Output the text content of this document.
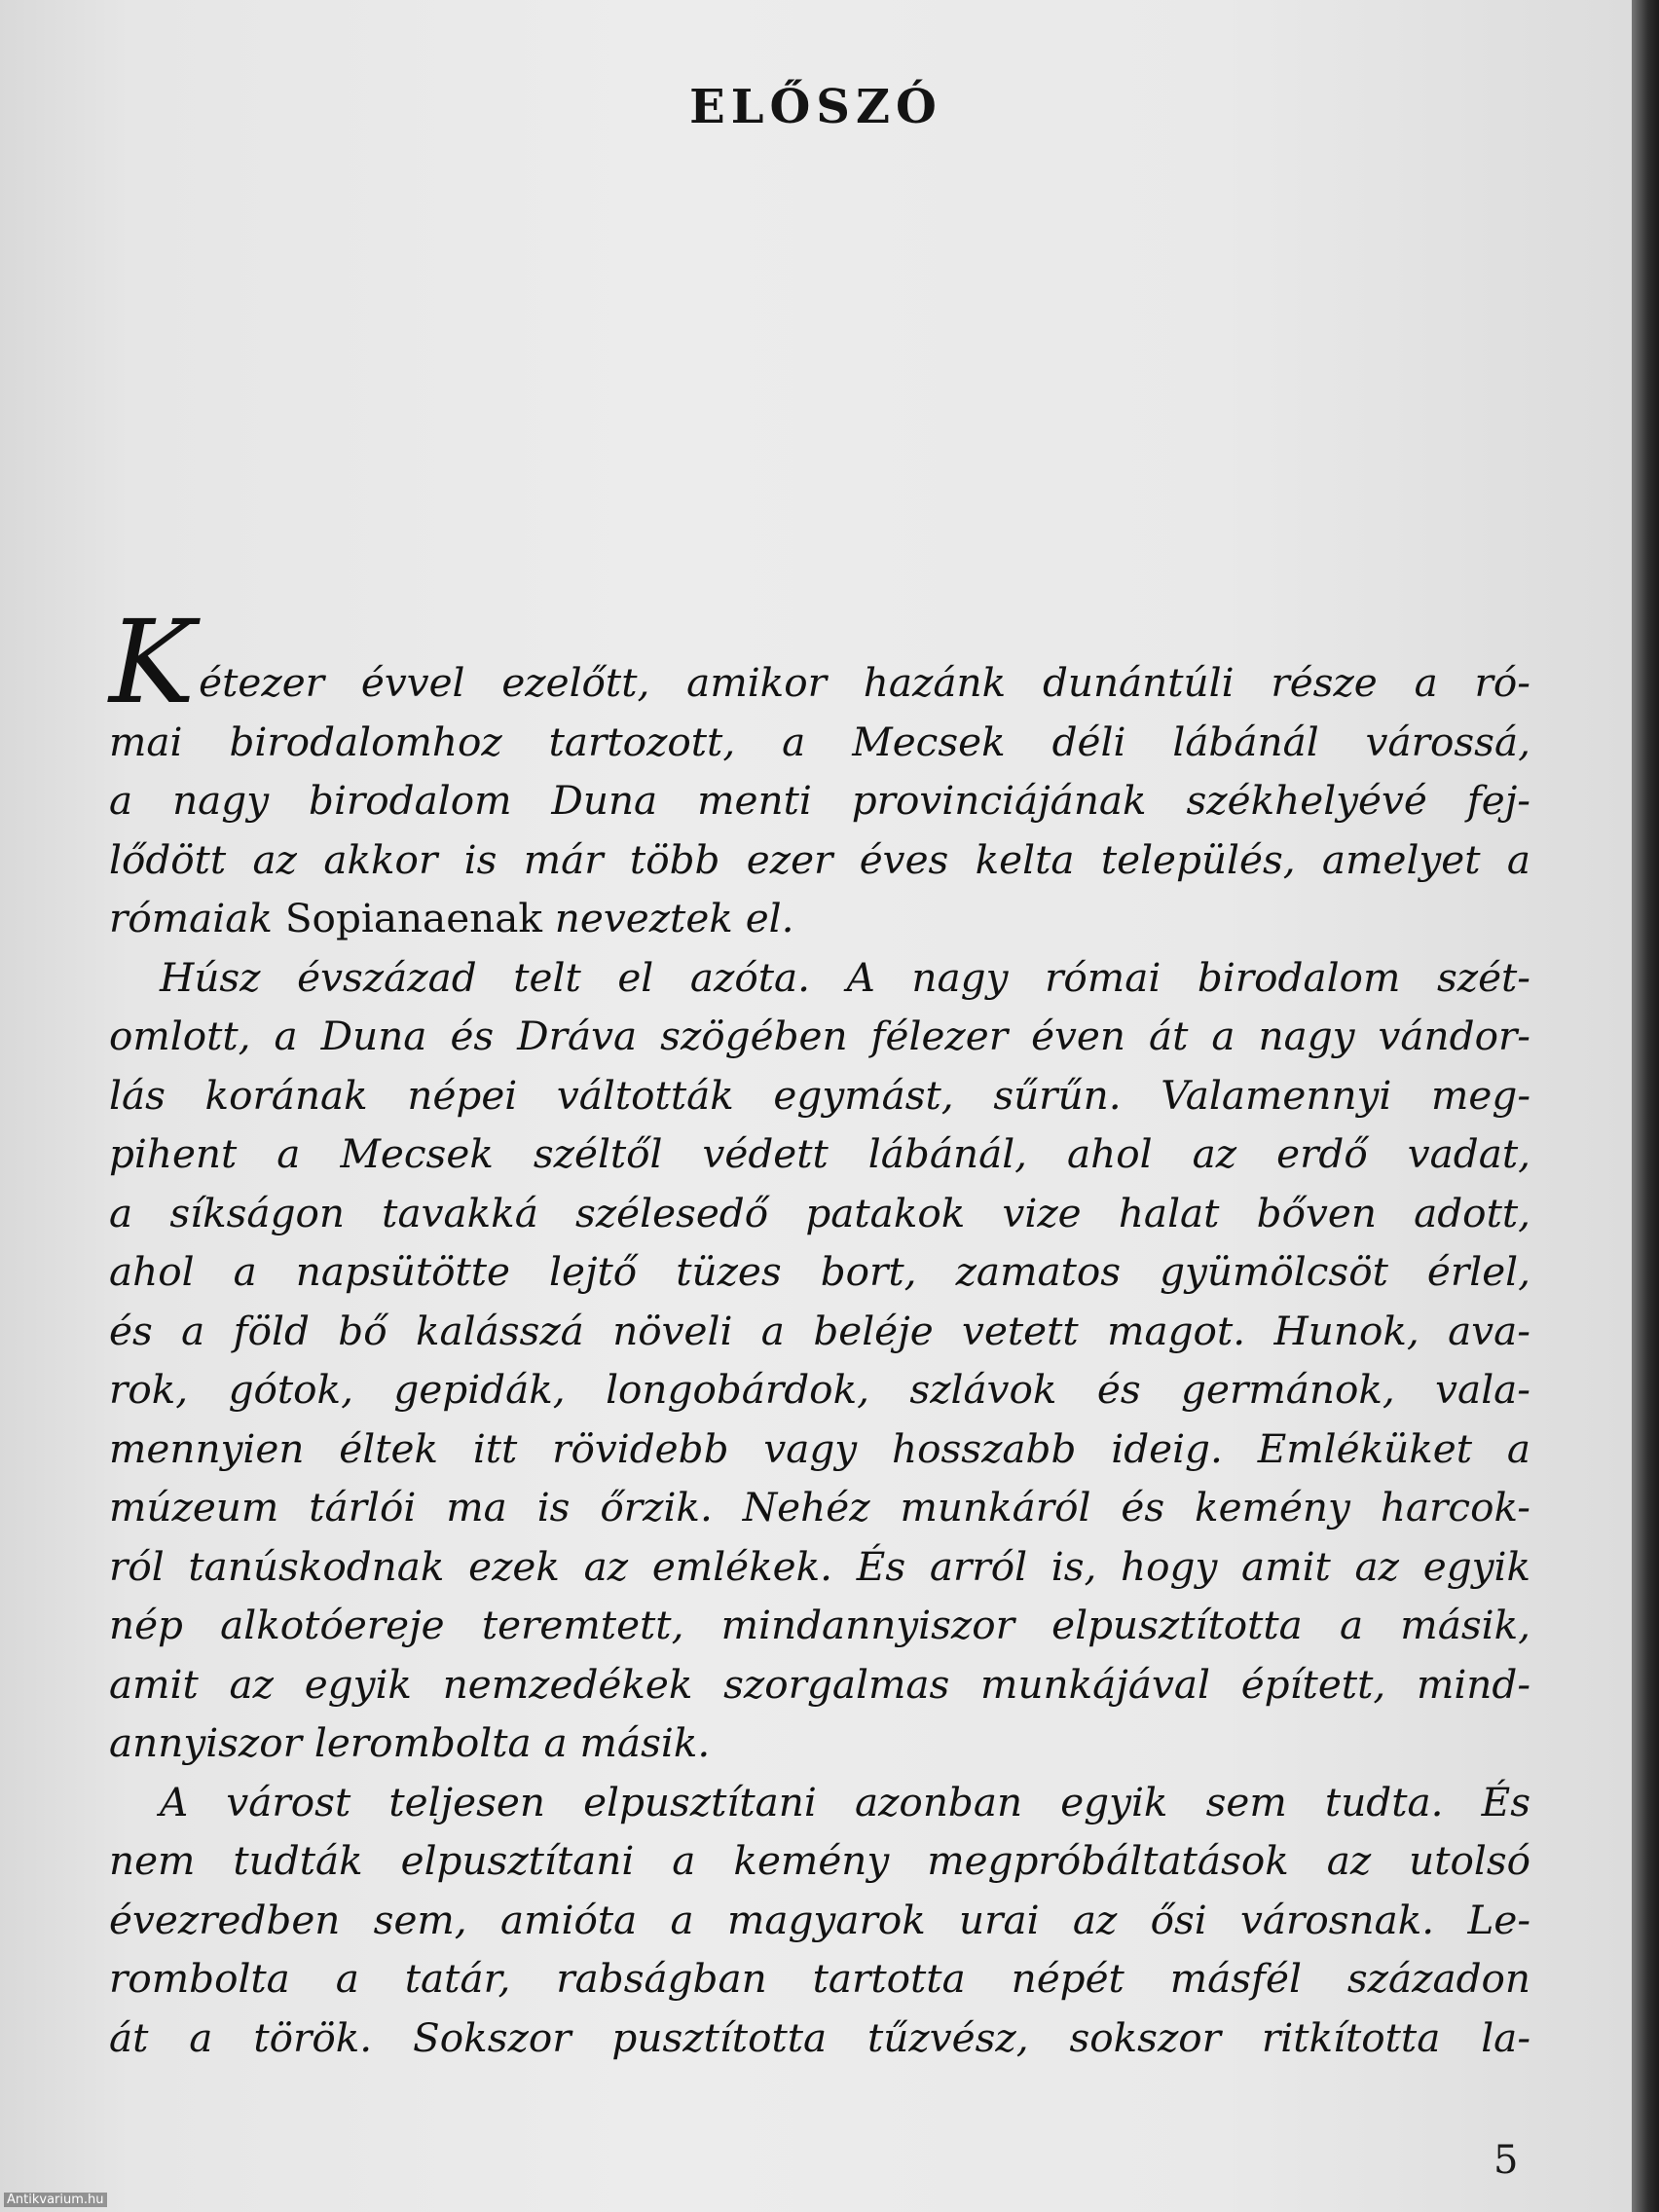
ELŐSZÓ
Kétezer évvel ezelőtt, amikor hazánk dunántúli része a ró-
mai birodalomhoz tartozott, a Mecsek déli lábánál várossá,
a nagy birodalom Duna menti provinciájának székhelyévé fej-
lődött az akkor is már több ezer éves kelta település, amelyet a
rómaiak Sopianaenak neveztek el.
Húsz évszázad telt el azóta. A nagy római birodalom szét-
omlott, a Duna és Dráva szögében félezer éven át a nagy vándor-
lás korának népei váltották egymást, sűrűn. Valamennyi meg-
pihent a Mecsek széltől védett lábánál, ahol az erdő vadat,
a síkságon tavakká szélesedő patakok vize halat bőven adott,
ahol a napsütötte lejtő tüzes bort, zamatos gyümölcsöt érlel,
és a föld bő kalásszá növeli a beléje vetett magot. Hunok, ava-
rok, gótok, gepidák, longobárdok, szlávok és germánok, vala-
mennyien éltek itt rövidebb vagy hosszabb ideig. Emléküket a
múzeum tárlói ma is őrzik. Nehéz munkáról és kemény harcok-
ról tanúskodnak ezek az emlékek. És arról is, hogy amit az egyik
nép alkotóereje teremtett, mindannyiszor elpusztította a másik,
amit az egyik nemzedékek szorgalmas munkájával épített, mind-
annyiszor lerombolta a másik.
A várost teljesen elpusztítani azonban egyik sem tudta. És
nem tudták elpusztítani a kemény megpróbáltatások az utolsó
évezredben sem, amióta a magyarok urai az ősi városnak. Le-
rombolta a tatár, rabságban tartotta népét másfél századon
át a török. Sokszor pusztította tűzvész, sokszor ritkította la-
5
Antikvarium.hu
